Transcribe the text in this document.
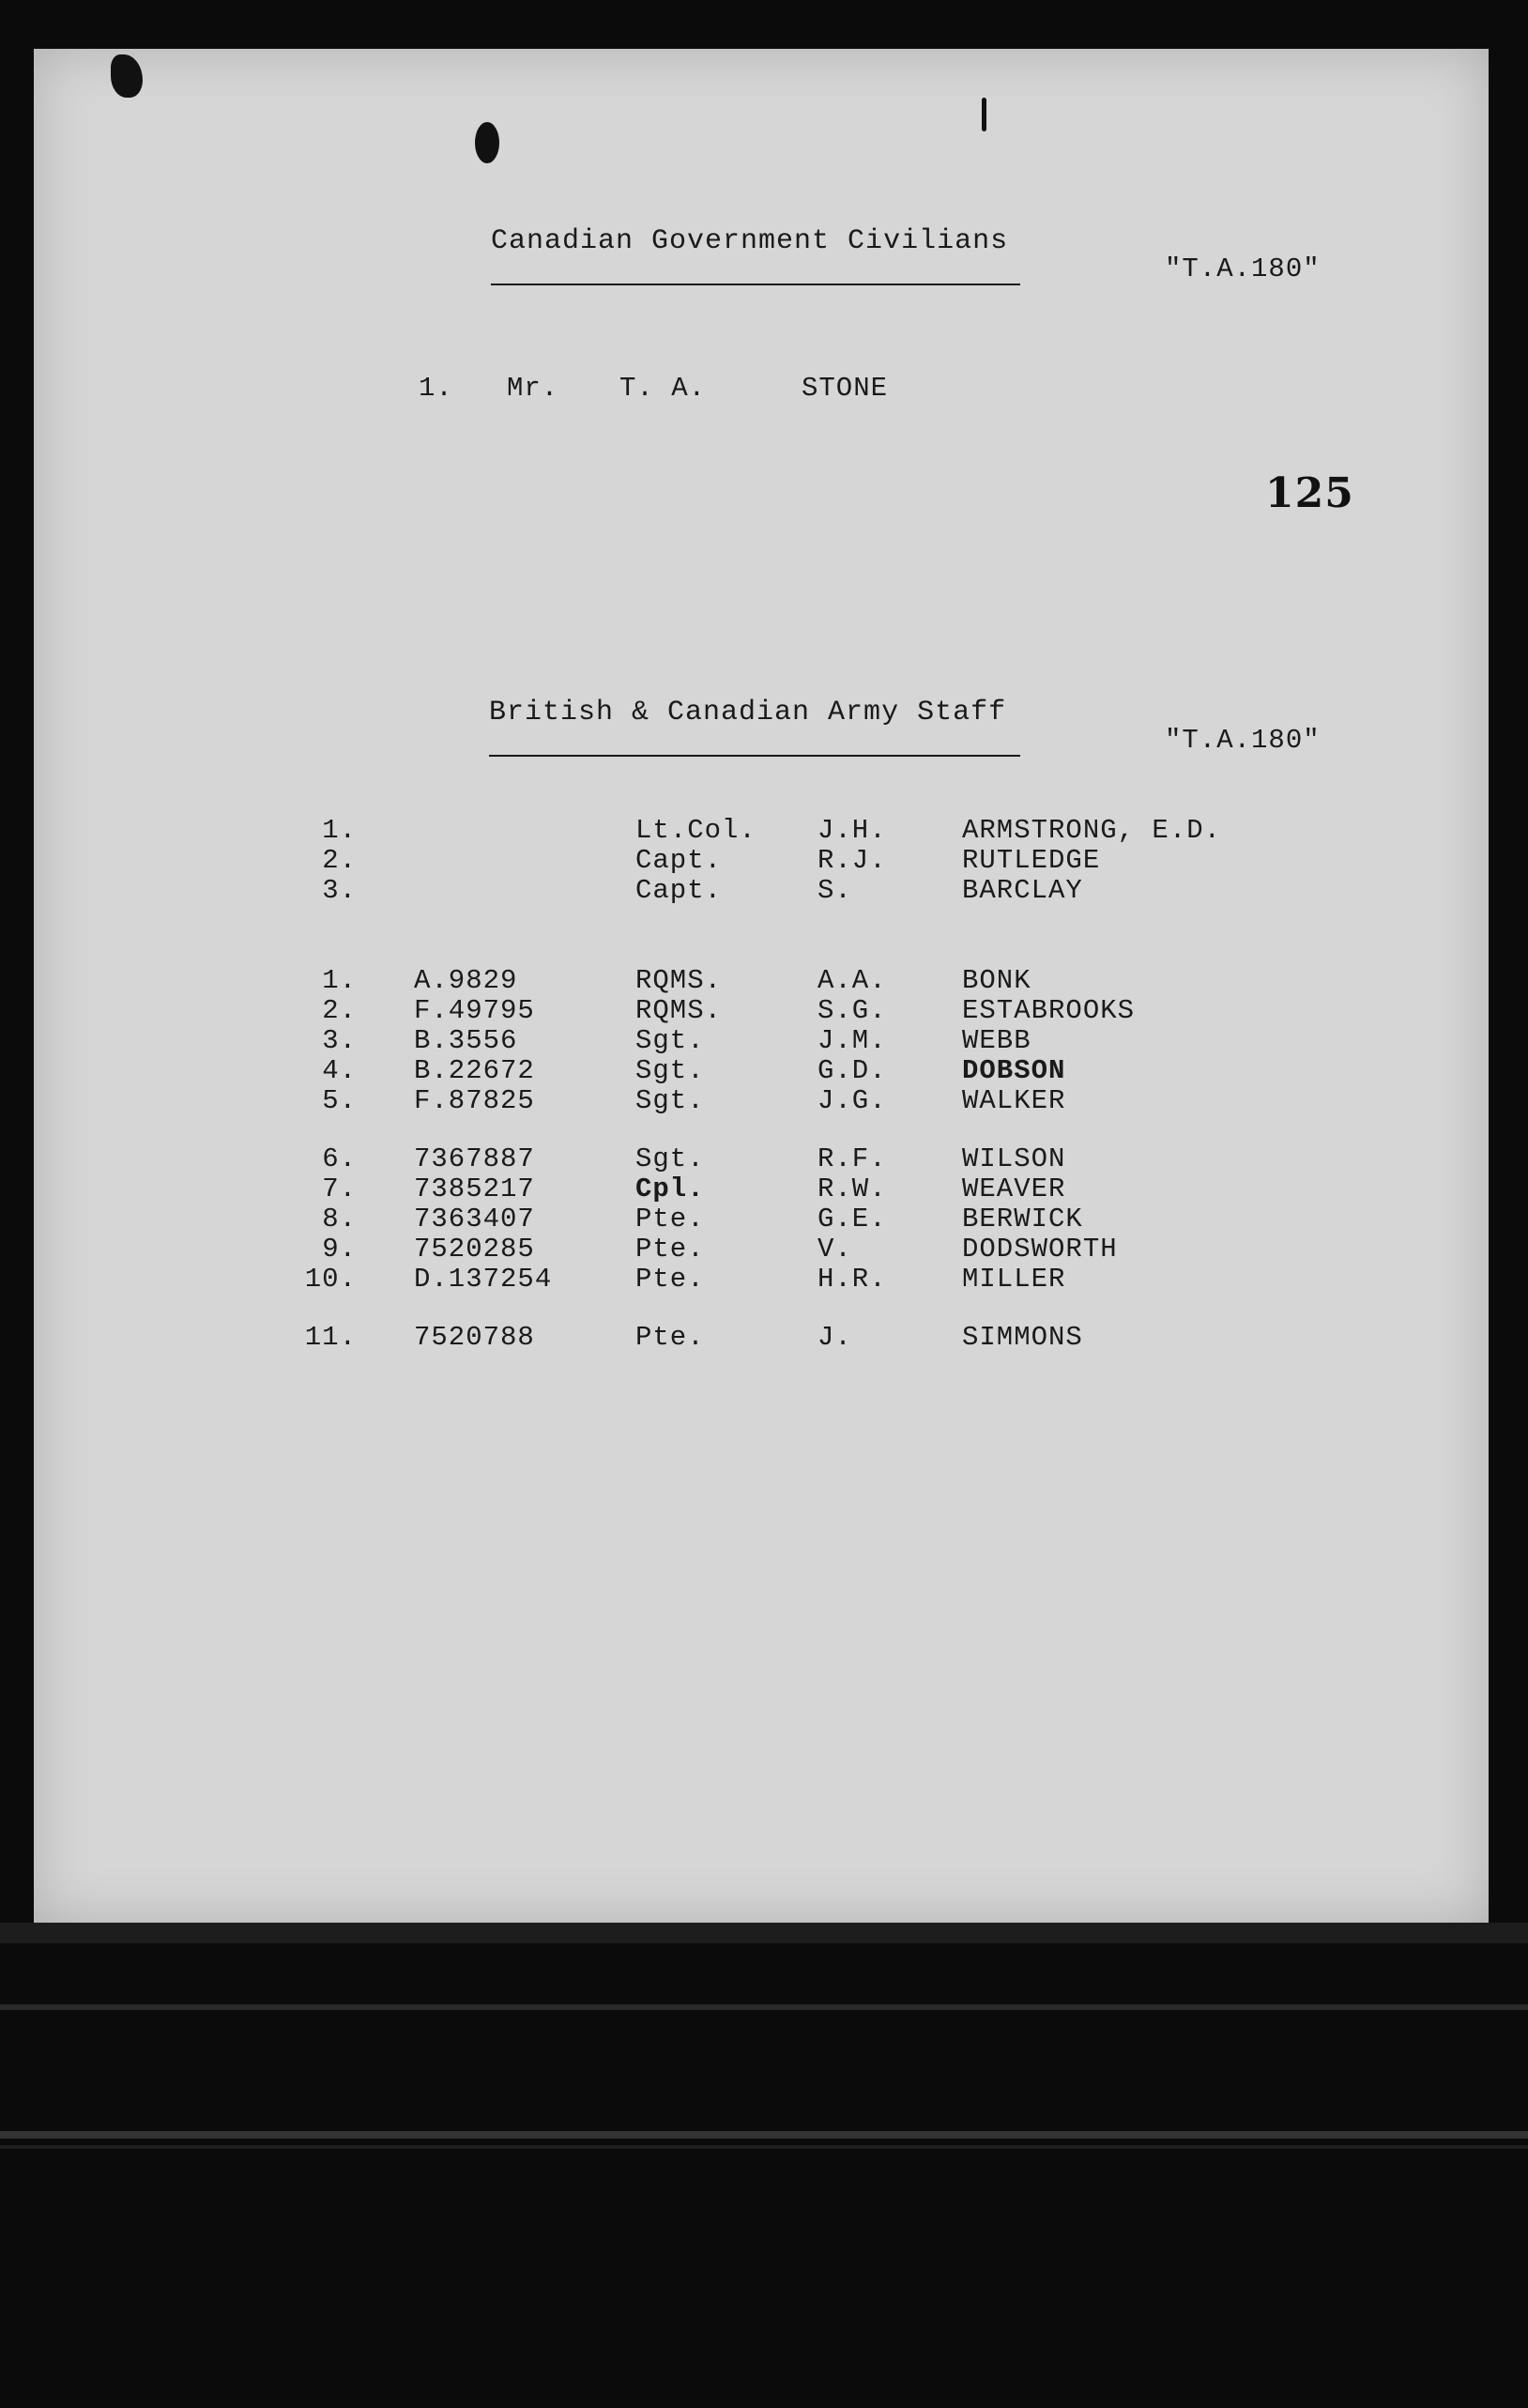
Canadian Government Civilians
"T.A.180"
1. Mr. T. A.	STONE
125
British & Canadian Army Staff
"T.A.180"
1.	Lt.Col. J.H.	ARMSTRONG, E.D.
2.	Capt.	R.J.	RUTLEDGE
3.	Capt.	S.	BARCLAY
1. A.9829	RQMS.	A.A.	BONK
2. F.49795	RQMS.	S.G.	ESTABROOKS
3. B.3556	Sgt.	J.M.	WEBB
4. B.22672	Sgt.	G.D.	DOBSON
5. F.87825	Sgt.	J.G.	WALKER
6. 7367887	Sgt.	R.F.	WILSON
7. 7385217	Cpl.	R.W.	WEAVER
8. 7363407	Pte.	G.E.	BERWICK
9. 7520285	Pte.	V.	DODSWORTH
10. D.137254	Pte.	H.R.	MILLER
11. 7520788	Pte.	J.	SIMMONS
